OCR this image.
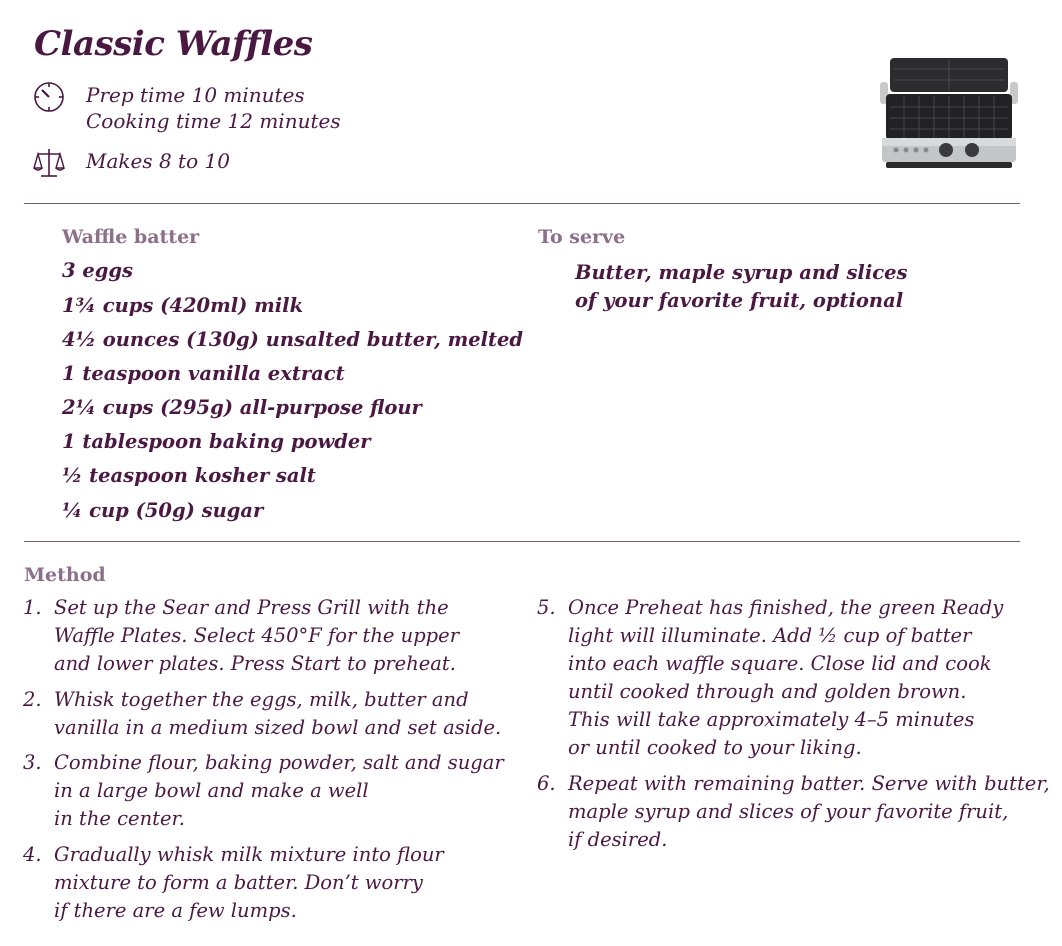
Classic Waffles
Prep time 10 minutes
Cooking time 12 minutes
Makes 8 to 10
Waffle batter
3 eggs
1¾ cups (420ml) milk
4½ ounces (130g) unsalted butter, melted
1 teaspoon vanilla extract
2¼ cups (295g) all-purpose flour
1 tablespoon baking powder
½ teaspoon kosher salt
¼ cup (50g) sugar
To serve
Butter, maple syrup and slices
of your favorite fruit, optional
Method
1. Set up the Sear and Press Grill with the
Waffle Plates. Select 450°F for the upper
and lower plates. Press Start to preheat.
2. Whisk together the eggs, milk, butter and
vanilla in a medium sized bowl and set aside.
3. Combine flour, baking powder, salt and sugar
in a large bowl and make a well
in the center.
4. Gradually whisk milk mixture into flour
mixture to form a batter. Don’t worry
if there are a few lumps.
5. Once Preheat has finished, the green Ready
light will illuminate. Add ½ cup of batter
into each waffle square. Close lid and cook
until cooked through and golden brown.
This will take approximately 4–5 minutes
or until cooked to your liking.
6. Repeat with remaining batter. Serve with butter,
maple syrup and slices of your favorite fruit,
if desired.
